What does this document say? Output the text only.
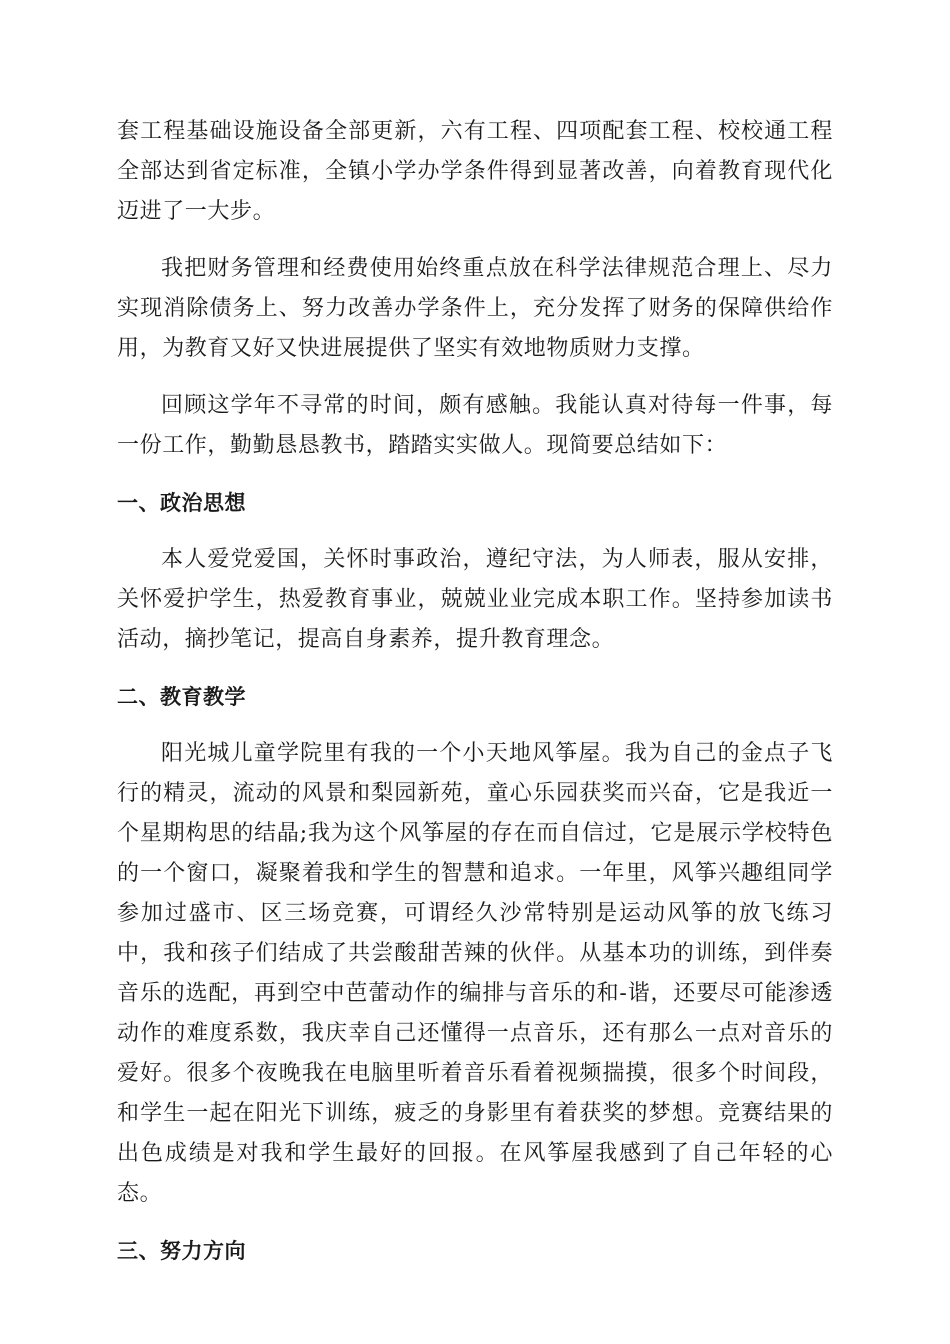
套工程基础设施设备全部更新，六有工程、四项配套工程、校校通工程全部达到省定标准，全镇小学办学条件得到显著改善，向着教育现代化迈进了一大步。

我把财务管理和经费使用始终重点放在科学法律规范合理上、尽力实现消除债务上、努力改善办学条件上，充分发挥了财务的保障供给作用，为教育又好又快进展提供了坚实有效地物质财力支撑。

回顾这学年不寻常的时间，颇有感触。我能认真对待每一件事，每一份工作，勤勤恳恳教书，踏踏实实做人。现简要总结如下：

一、政治思想

本人爱党爱国，关怀时事政治，遵纪守法，为人师表，服从安排，关怀爱护学生，热爱教育事业，兢兢业业完成本职工作。坚持参加读书活动，摘抄笔记，提高自身素养，提升教育理念。

二、教育教学

阳光城儿童学院里有我的一个小天地风筝屋。我为自己的金点子飞行的精灵，流动的风景和梨园新苑，童心乐园获奖而兴奋，它是我近一个星期构思的结晶;我为这个风筝屋的存在而自信过，它是展示学校特色的一个窗口，凝聚着我和学生的智慧和追求。一年里，风筝兴趣组同学参加过盛市、区三场竞赛，可谓经久沙常特别是运动风筝的放飞练习中，我和孩子们结成了共尝酸甜苦辣的伙伴。从基本功的训练，到伴奏音乐的选配，再到空中芭蕾动作的编排与音乐的和-谐，还要尽可能渗透动作的难度系数，我庆幸自己还懂得一点音乐，还有那么一点对音乐的爱好。很多个夜晚我在电脑里听着音乐看着视频揣摸，很多个时间段，和学生一起在阳光下训练，疲乏的身影里有着获奖的梦想。竞赛结果的出色成绩是对我和学生最好的回报。在风筝屋我感到了自己年轻的心态。

三、努力方向
